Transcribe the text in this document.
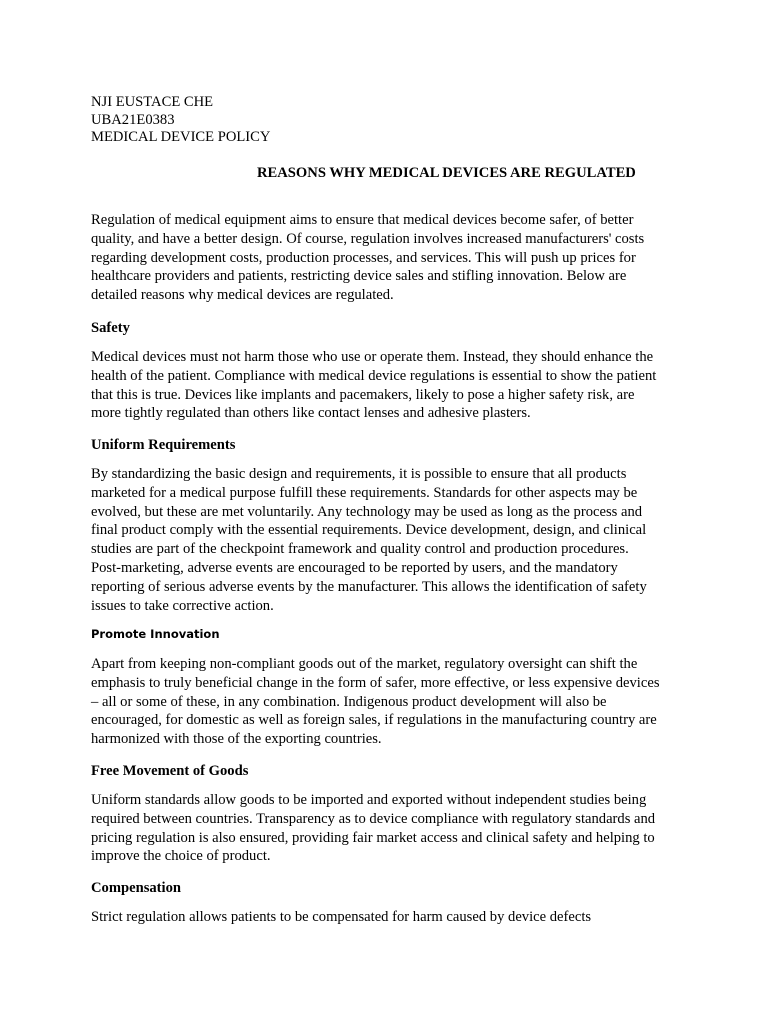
NJI EUSTACE CHE
UBA21E0383
MEDICAL DEVICE POLICY
REASONS WHY MEDICAL DEVICES ARE REGULATED

Regulation of medical equipment aims to ensure that medical devices become safer, of better
quality, and have a better design. Of course, regulation involves increased manufacturers' costs
regarding development costs, production processes, and services. This will push up prices for
healthcare providers and patients, restricting device sales and stifling innovation. Below are
detailed reasons why medical devices are regulated.

Safety

Medical devices must not harm those who use or operate them. Instead, they should enhance the
health of the patient. Compliance with medical device regulations is essential to show the patient
that this is true. Devices like implants and pacemakers, likely to pose a higher safety risk, are
more tightly regulated than others like contact lenses and adhesive plasters.

Uniform Requirements

By standardizing the basic design and requirements, it is possible to ensure that all products
marketed for a medical purpose fulfill these requirements. Standards for other aspects may be
evolved, but these are met voluntarily. Any technology may be used as long as the process and
final product comply with the essential requirements. Device development, design, and clinical
studies are part of the checkpoint framework and quality control and production procedures.
Post-marketing, adverse events are encouraged to be reported by users, and the mandatory
reporting of serious adverse events by the manufacturer. This allows the identification of safety
issues to take corrective action.

Promote Innovation

Apart from keeping non-compliant goods out of the market, regulatory oversight can shift the
emphasis to truly beneficial change in the form of safer, more effective, or less expensive devices
– all or some of these, in any combination. Indigenous product development will also be
encouraged, for domestic as well as foreign sales, if regulations in the manufacturing country are
harmonized with those of the exporting countries.

Free Movement of Goods

Uniform standards allow goods to be imported and exported without independent studies being
required between countries. Transparency as to device compliance with regulatory standards and
pricing regulation is also ensured, providing fair market access and clinical safety and helping to
improve the choice of product.

Compensation

Strict regulation allows patients to be compensated for harm caused by device defects
